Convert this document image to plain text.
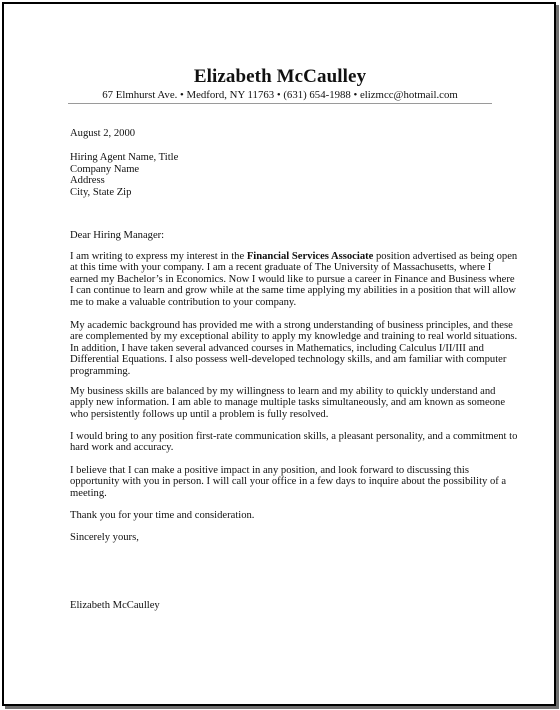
Elizabeth McCaulley
67 Elmhurst Ave. • Medford, NY 11763 • (631) 654-1988 • elizmcc@hotmail.com
August 2, 2000
Hiring Agent Name, Title
Company Name
Address
City, State Zip
Dear Hiring Manager:
I am writing to express my interest in the Financial Services Associate position advertised as being open
at this time with your company. I am a recent graduate of The University of Massachusetts, where I
earned my Bachelor’s in Economics. Now I would like to pursue a career in Finance and Business where
I can continue to learn and grow while at the same time applying my abilities in a position that will allow
me to make a valuable contribution to your company.
My academic background has provided me with a strong understanding of business principles, and these
are complemented by my exceptional ability to apply my knowledge and training to real world situations.
In addition, I have taken several advanced courses in Mathematics, including Calculus I/II/III and
Differential Equations. I also possess well-developed technology skills, and am familiar with computer
programming.
My business skills are balanced by my willingness to learn and my ability to quickly understand and
apply new information. I am able to manage multiple tasks simultaneously, and am known as someone
who persistently follows up until a problem is fully resolved.
I would bring to any position first-rate communication skills, a pleasant personality, and a commitment to
hard work and accuracy.
I believe that I can make a positive impact in any position, and look forward to discussing this
opportunity with you in person. I will call your office in a few days to inquire about the possibility of a
meeting.
Thank you for your time and consideration.
Sincerely yours,
Elizabeth McCaulley
